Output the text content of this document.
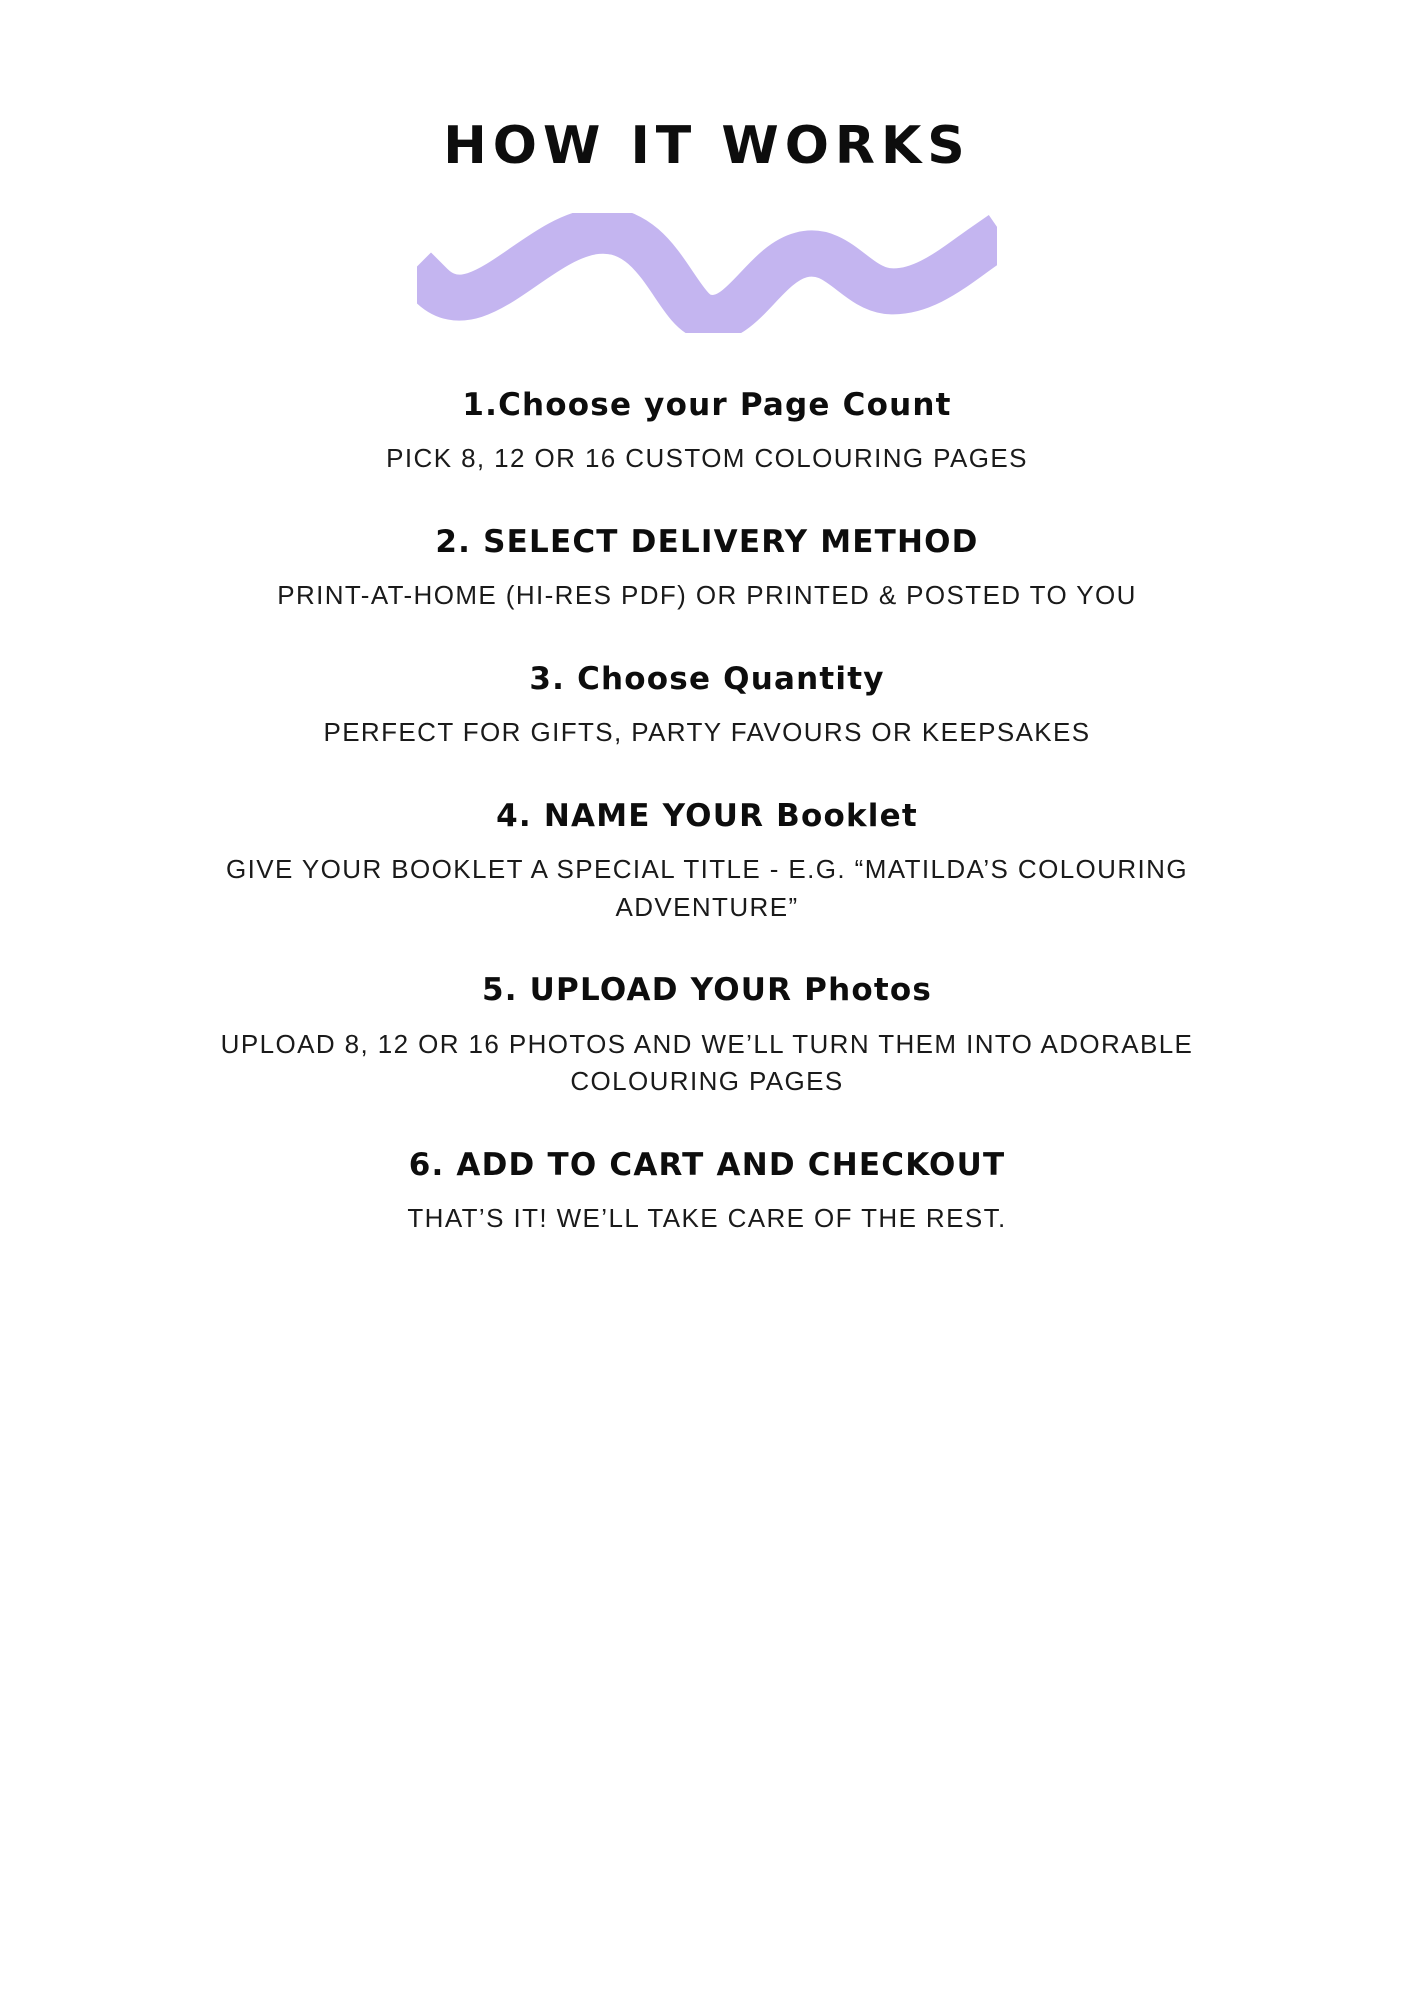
HOW IT WORKS
1.Choose your Page Count
PICK 8, 12 OR 16 CUSTOM COLOURING PAGES
2. SELECT DELIVERY METHOD
PRINT-AT-HOME (HI-RES PDF) OR PRINTED & POSTED TO YOU
3. Choose Quantity
PERFECT FOR GIFTS, PARTY FAVOURS OR KEEPSAKES
4. NAME YOUR Booklet
GIVE YOUR BOOKLET A SPECIAL TITLE - E.G. “MATILDA’S COLOURING ADVENTURE”
5. UPLOAD YOUR Photos
UPLOAD 8, 12 OR 16 PHOTOS AND WE’LL TURN THEM INTO ADORABLE COLOURING PAGES
6. ADD TO CART AND CHECKOUT
THAT’S IT! WE’LL TAKE CARE OF THE REST.
